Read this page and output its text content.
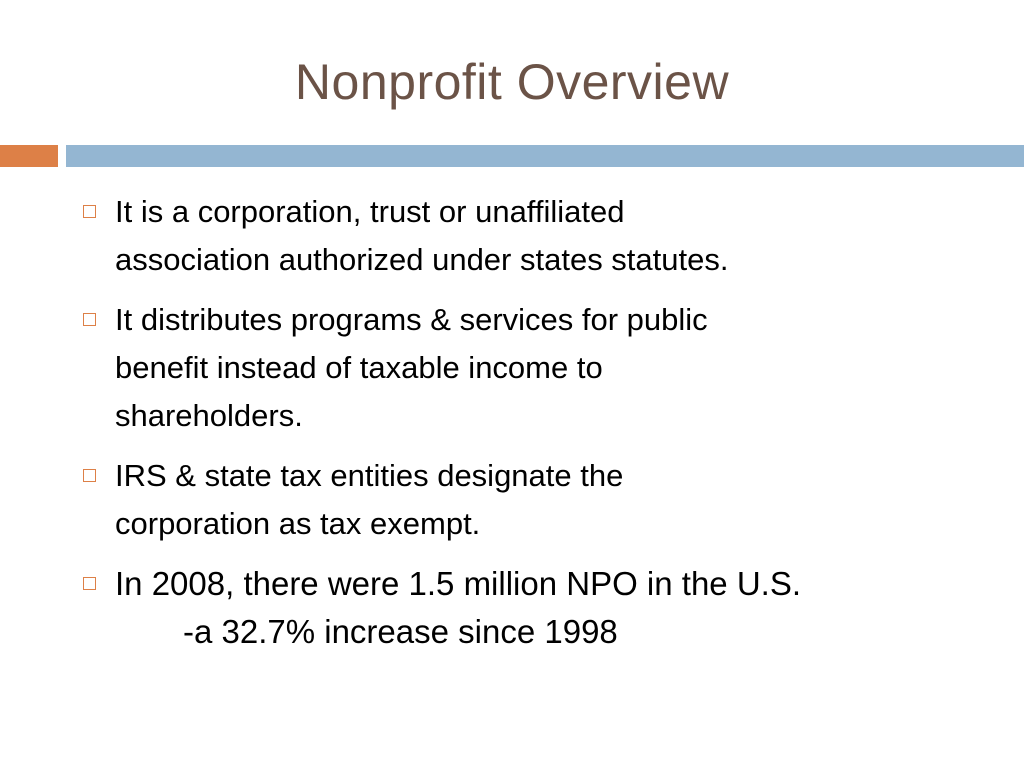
Nonprofit Overview
It is a corporation, trust or unaffiliated
association authorized under states statutes.
It distributes programs & services for public
benefit instead of taxable income to
shareholders.
IRS & state tax entities designate the
corporation as tax exempt.
In 2008, there were 1.5 million NPO in the U.S.
-a 32.7% increase since 1998
